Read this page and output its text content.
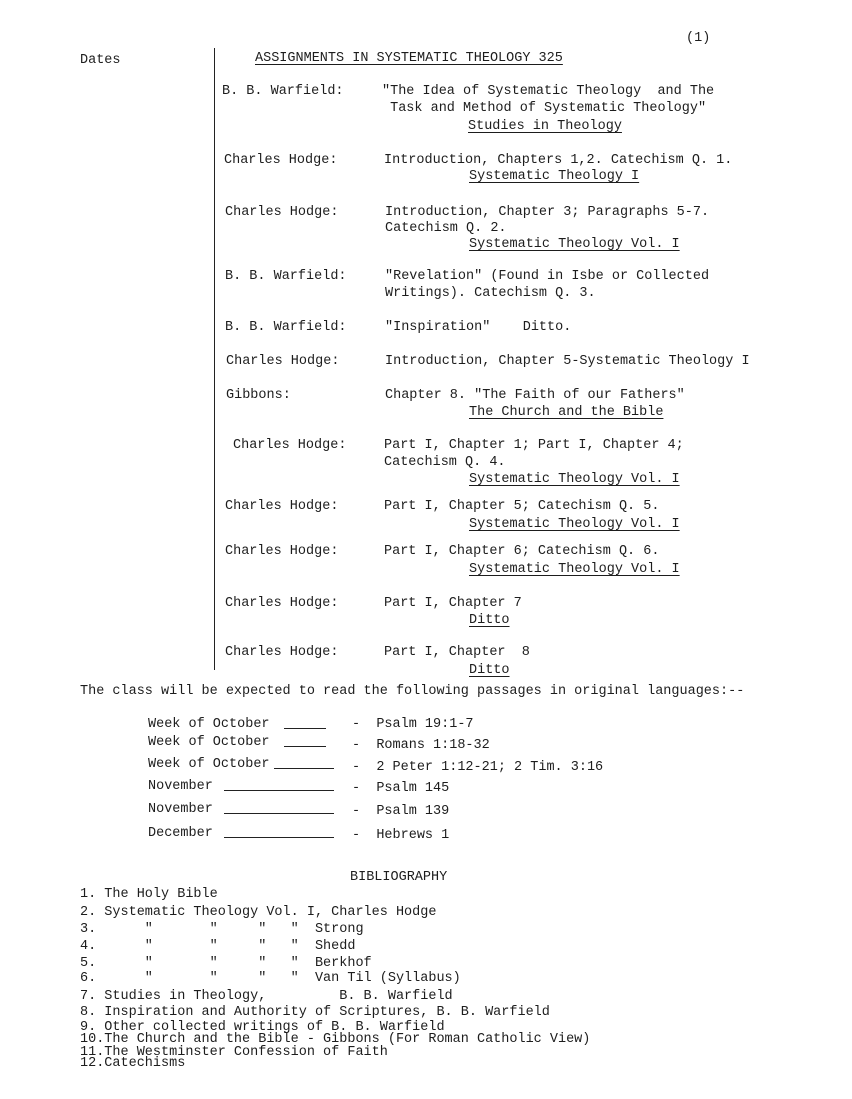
(1)
Dates	ASSIGNMENTS IN SYSTEMATIC THEOLOGY 325
B. B. Warfield:	"The Idea of Systematic Theology  and The
Task and Method of Systematic Theology"
Studies in Theology
Charles Hodge:	Introduction, Chapters 1,2. Catechism Q. 1.
Systematic Theology I
Charles Hodge:	Introduction, Chapter 3; Paragraphs 5-7.
Catechism Q. 2.
Systematic Theology Vol. I
B. B. Warfield:	"Revelation" (Found in Isbe or Collected
Writings). Catechism Q. 3.
B. B. Warfield:	"Inspiration"    Ditto.
Charles Hodge:	Introduction, Chapter 5-Systematic Theology I
Gibbons:	Chapter 8. "The Faith of our Fathers"
The Church and the Bible
Charles Hodge:	Part I, Chapter 1; Part I, Chapter 4;
Catechism Q. 4.
Systematic Theology Vol. I
Charles Hodge:	Part I, Chapter 5; Catechism Q. 5.
Systematic Theology Vol. I
Charles Hodge:	Part I, Chapter 6; Catechism Q. 6.
Systematic Theology Vol. I
Charles Hodge:	Part I, Chapter 7
Ditto
Charles Hodge:	Part I, Chapter  8
Ditto
The class will be expected to read the following passages in original languages:--
Week of October	-  Psalm 19:1-7
Week of October	-  Romans 1:18-32
Week of October	-  2 Peter 1:12-21; 2 Tim. 3:16
November	-  Psalm 145
November	-  Psalm 139
December	-  Hebrews 1
BIBLIOGRAPHY
1. The Holy Bible
2. Systematic Theology Vol. I, Charles Hodge
3.      "       "     "   "  Strong
4.      "       "     "   "  Shedd
5.      "       "     "   "  Berkhof
6.      "       "     "   "  Van Til (Syllabus)
7. Studies in Theology,         B. B. Warfield
8. Inspiration and Authority of Scriptures, B. B. Warfield
9. Other collected writings of B. B. Warfield
10.The Church and the Bible - Gibbons (For Roman Catholic View)
11.The Westminster Confession of Faith
12.Catechisms
